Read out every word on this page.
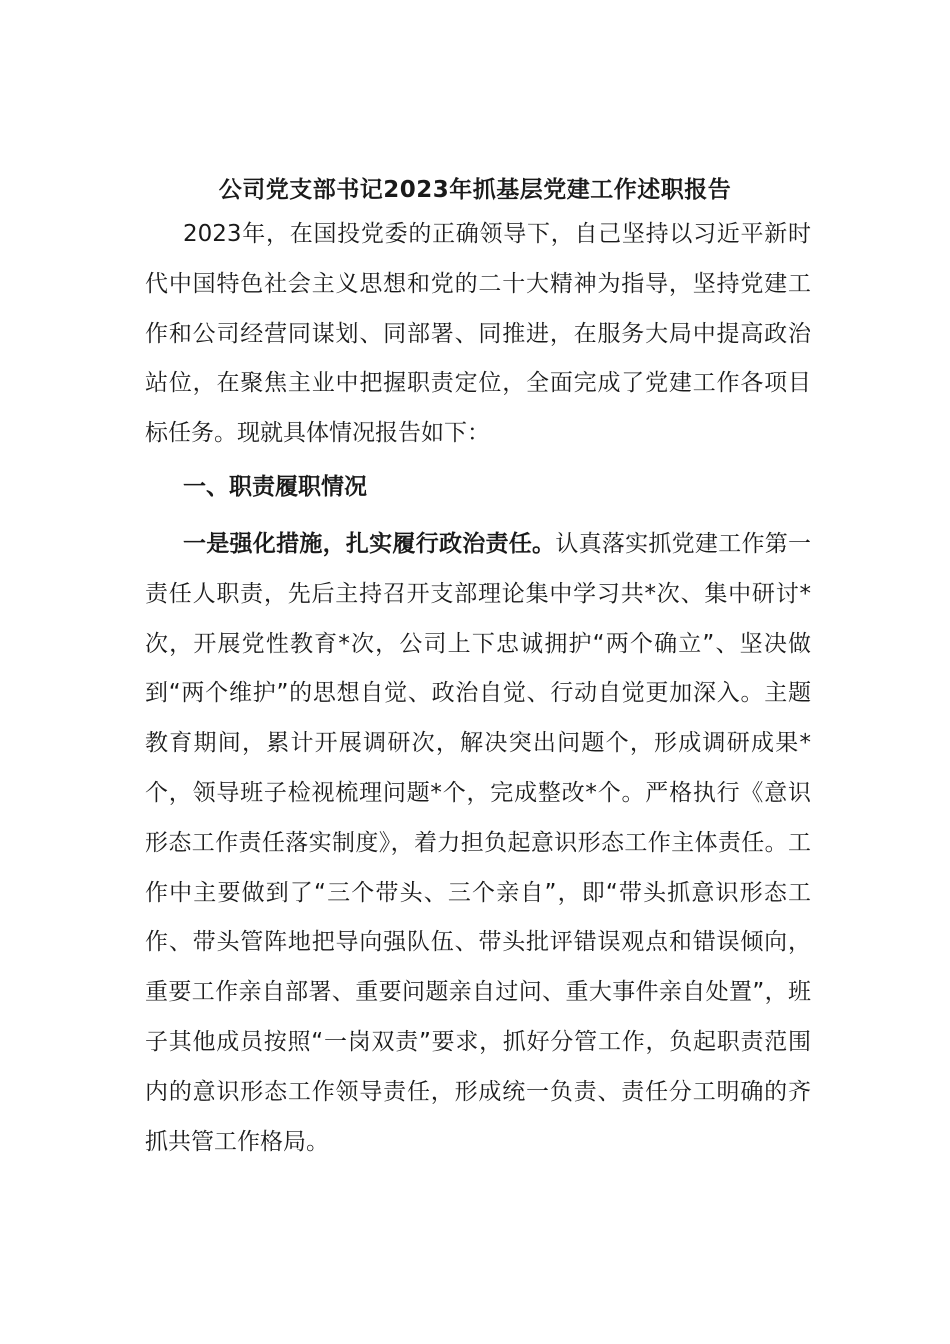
公司党支部书记2023年抓基层党建工作述职报告

2023年，在国投党委的正确领导下，自己坚持以习近平新时代中国特色社会主义思想和党的二十大精神为指导，坚持党建工作和公司经营同谋划、同部署、同推进，在服务大局中提高政治站位，在聚焦主业中把握职责定位，全面完成了党建工作各项目标任务。现就具体情况报告如下：

一、职责履职情况

一是强化措施，扎实履行政治责任。认真落实抓党建工作第一责任人职责，先后主持召开支部理论集中学习共*次、集中研讨*次，开展党性教育*次，公司上下忠诚拥护“两个确立”、坚决做到“两个维护”的思想自觉、政治自觉、行动自觉更加深入。主题教育期间，累计开展调研次，解决突出问题个，形成调研成果*个，领导班子检视梳理问题*个，完成整改*个。严格执行《意识形态工作责任落实制度》，着力担负起意识形态工作主体责任。工作中主要做到了“三个带头、三个亲自”，即“带头抓意识形态工作、带头管阵地把导向强队伍、带头批评错误观点和错误倾向，重要工作亲自部署、重要问题亲自过问、重大事件亲自处置”，班子其他成员按照“一岗双责”要求，抓好分管工作，负起职责范围内的意识形态工作领导责任，形成统一负责、责任分工明确的齐抓共管工作格局。
